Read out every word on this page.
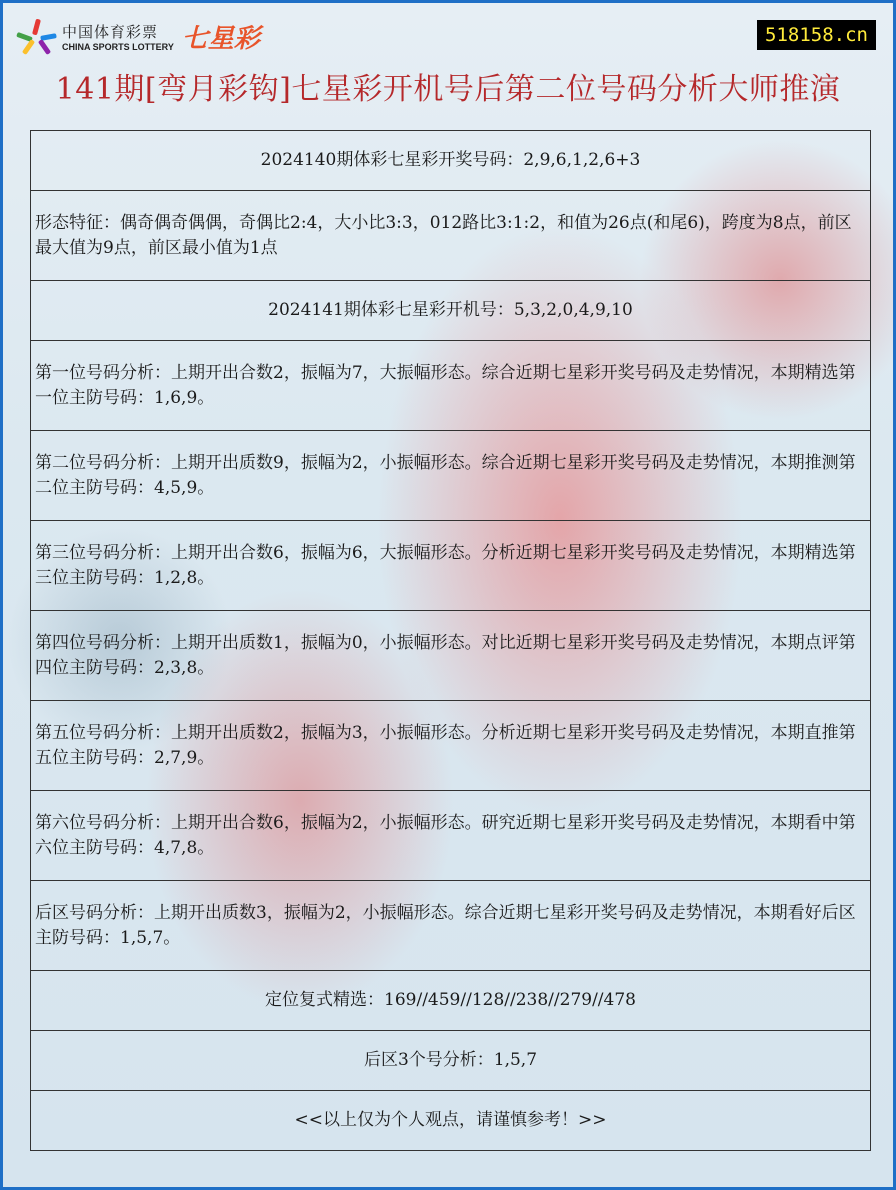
中国体育彩票
CHINA SPORTS LOTTERY 七星彩	518158.cn
141期[弯月彩钩]七星彩开机号后第二位号码分析大师推演
2024140期体彩七星彩开奖号码：2,9,6,1,2,6+3
形态特征：偶奇偶奇偶偶，奇偶比2:4，大小比3:3，012路比3:1:2，和值为26点(和尾6)，跨度为8点，前区最大值为9点，前区最小值为1点
2024141期体彩七星彩开机号：5,3,2,0,4,9,10
第一位号码分析：上期开出合数2，振幅为7，大振幅形态。综合近期七星彩开奖号码及走势情况，本期精选第一位主防号码：1,6,9。
第二位号码分析：上期开出质数9，振幅为2，小振幅形态。综合近期七星彩开奖号码及走势情况，本期推测第二位主防号码：4,5,9。
第三位号码分析：上期开出合数6，振幅为6，大振幅形态。分析近期七星彩开奖号码及走势情况，本期精选第三位主防号码：1,2,8。
第四位号码分析：上期开出质数1，振幅为0，小振幅形态。对比近期七星彩开奖号码及走势情况，本期点评第四位主防号码：2,3,8。
第五位号码分析：上期开出质数2，振幅为3，小振幅形态。分析近期七星彩开奖号码及走势情况，本期直推第五位主防号码：2,7,9。
第六位号码分析：上期开出合数6，振幅为2，小振幅形态。研究近期七星彩开奖号码及走势情况，本期看中第六位主防号码：4,7,8。
后区号码分析：上期开出质数3，振幅为2，小振幅形态。综合近期七星彩开奖号码及走势情况，本期看好后区主防号码：1,5,7。
定位复式精选：169//459//128//238//279//478
后区3个号分析：1,5,7
<<以上仅为个人观点，请谨慎参考！>>
